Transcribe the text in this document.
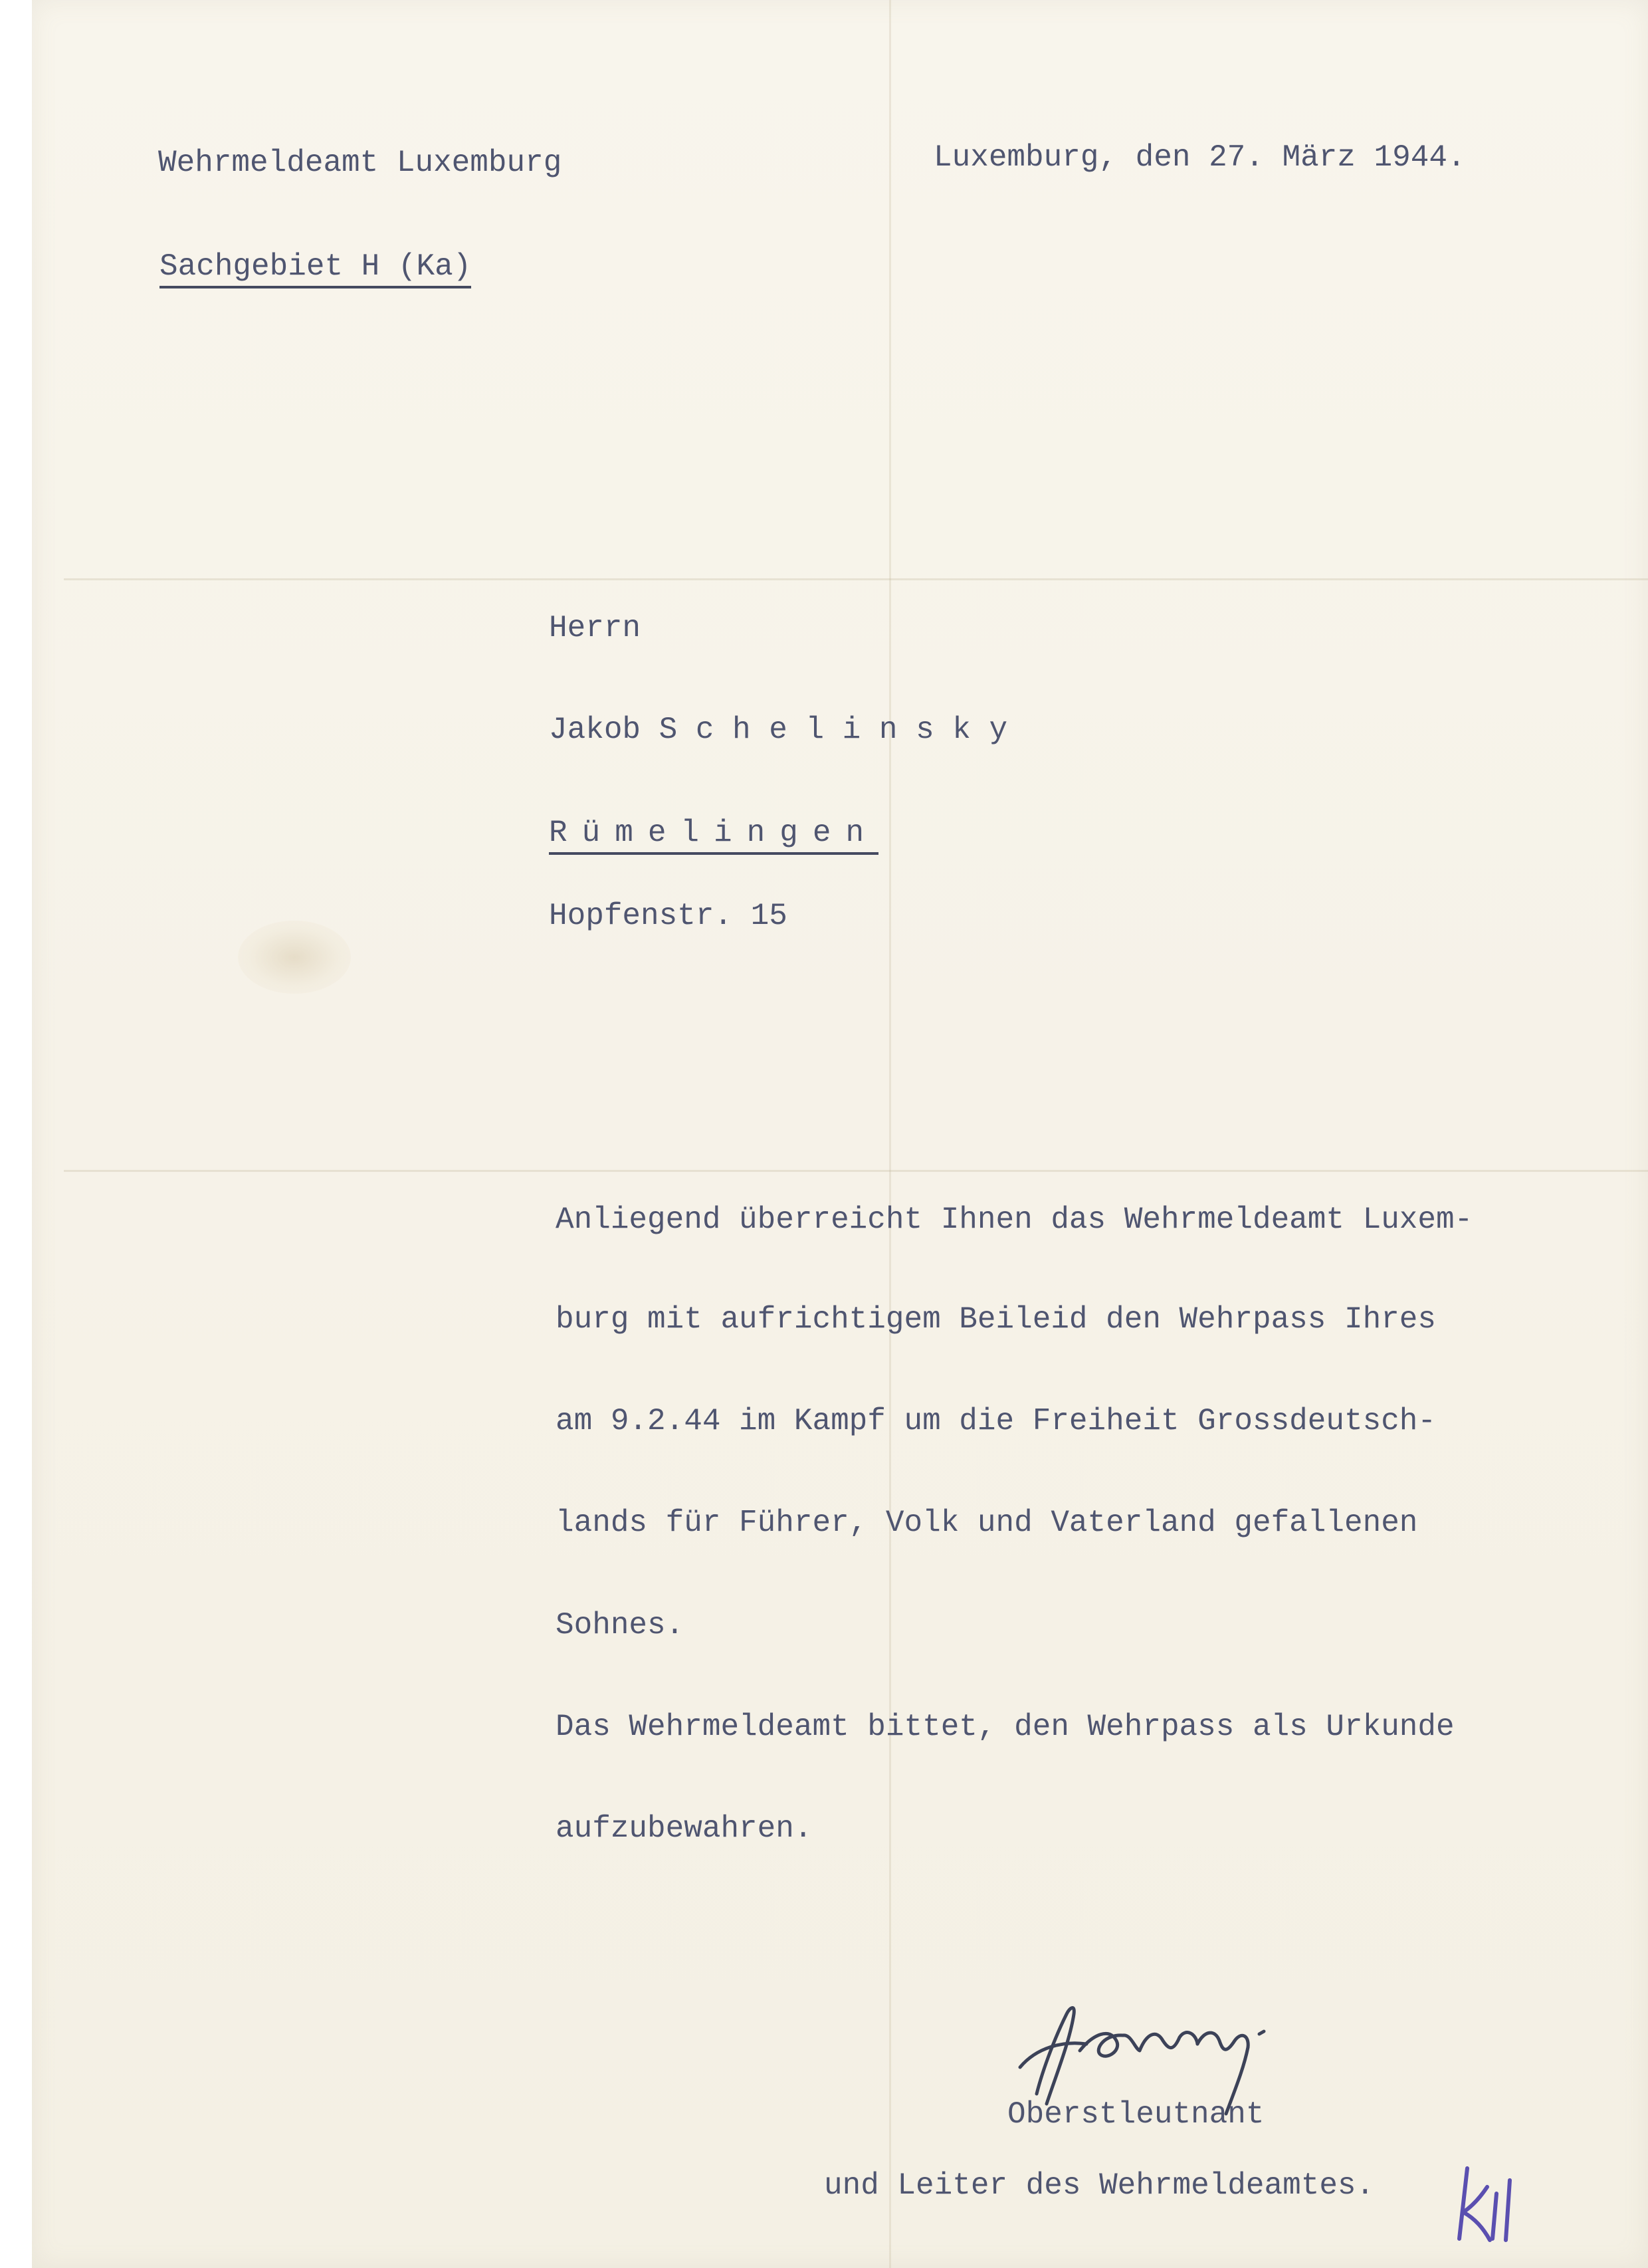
Wehrmeldeamt Luxemburg	Luxemburg, den 27. März 1944.
Sachgebiet H (Ka)
Herrn
Jakob S c h e l i n s k y
Rümelingen
Hopfenstr. 15
Anliegend überreicht Ihnen das Wehrmeldeamt Luxem-
burg mit aufrichtigem Beileid den Wehrpass Ihres
am 9.2.44 im Kampf um die Freiheit Grossdeutsch-
lands für Führer, Volk und Vaterland gefallenen
Sohnes.
Das Wehrmeldeamt bittet, den Wehrpass als Urkunde
aufzubewahren.
Oberstleutnant
und Leiter des Wehrmeldeamtes.
